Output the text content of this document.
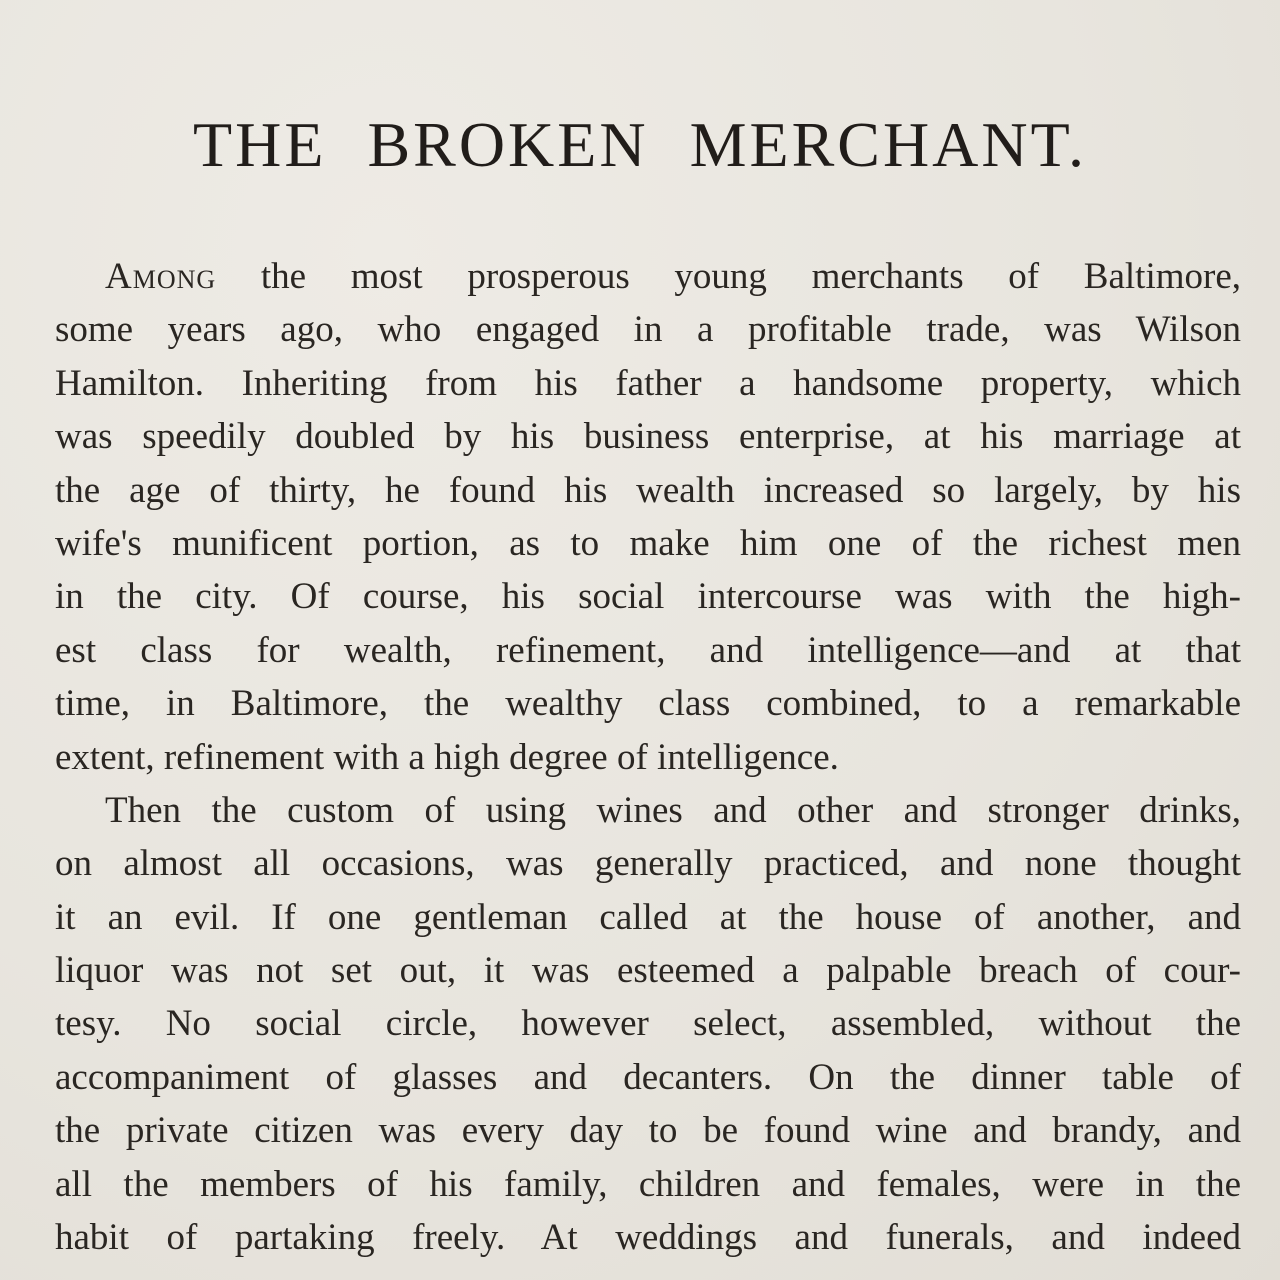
THE BROKEN MERCHANT.
Among the most prosperous young merchants of Baltimore,
some years ago, who engaged in a profitable trade, was Wilson
Hamilton. Inheriting from his father a handsome property, which
was speedily doubled by his business enterprise, at his marriage at
the age of thirty, he found his wealth increased so largely, by his
wife's munificent portion, as to make him one of the richest men
in the city. Of course, his social intercourse was with the high-
est class for wealth, refinement, and intelligence—and at that
time, in Baltimore, the wealthy class combined, to a remarkable
extent, refinement with a high degree of intelligence.
Then the custom of using wines and other and stronger drinks,
on almost all occasions, was generally practiced, and none thought
it an evil. If one gentleman called at the house of another, and
liquor was not set out, it was esteemed a palpable breach of cour-
tesy. No social circle, however select, assembled, without the
accompaniment of glasses and decanters. On the dinner table of
the private citizen was every day to be found wine and brandy, and
all the members of his family, children and females, were in the
habit of partaking freely. At weddings and funerals, and indeed
